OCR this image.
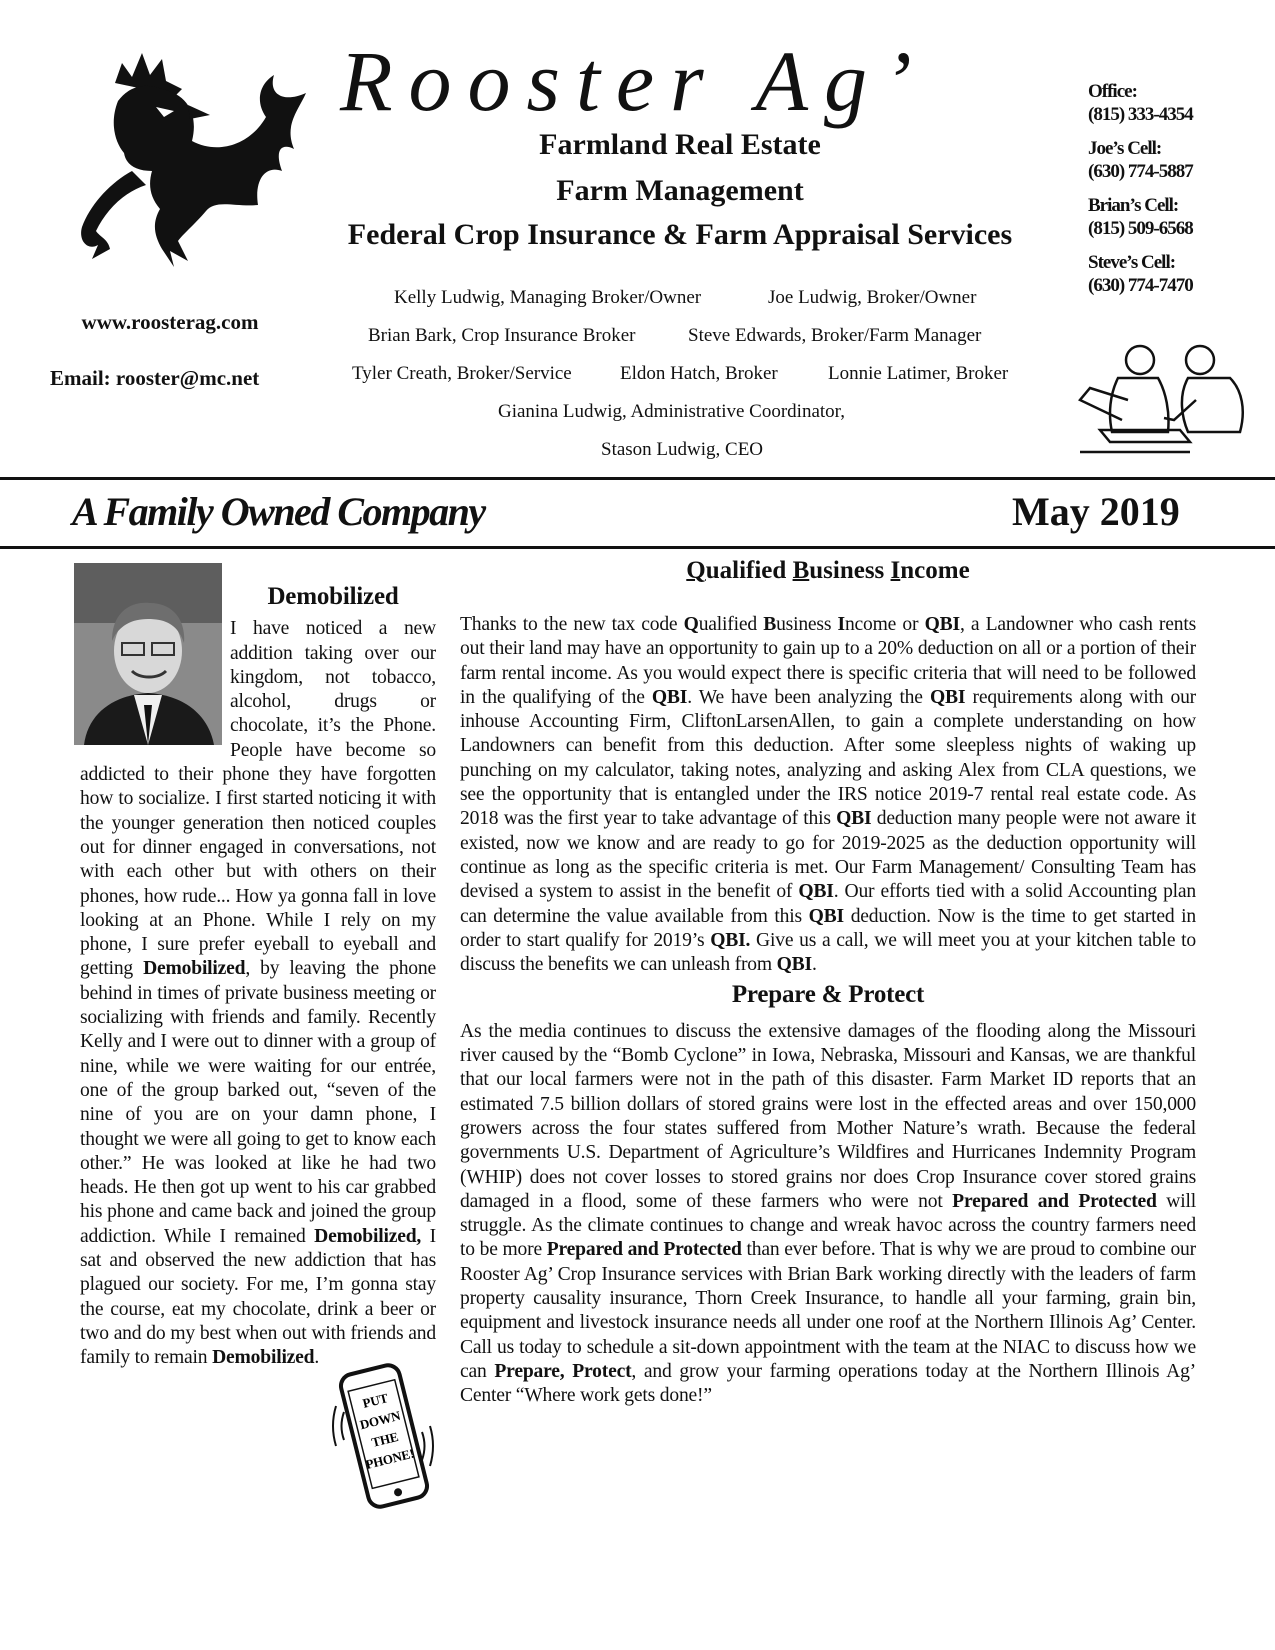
Rooster Ag’
Farmland Real Estate
Farm Management
Federal Crop Insurance & Farm Appraisal Services
Kelly Ludwig, Managing Broker/Owner	Joe Ludwig, Broker/Owner
Brian Bark, Crop Insurance Broker	Steve Edwards, Broker/Farm Manager
Tyler Creath, Broker/Service	Eldon Hatch, Broker	Lonnie Latimer, Broker
Gianina Ludwig, Administrative Coordinator,
Stason Ludwig, CEO
www.roosterag.com
Email: rooster@mc.net
Office:
(815) 333-4354
Joe’s Cell:
(630) 774-5887
Brian’s Cell:
(815) 509-6568
Steve’s Cell:
(630) 774-7470
A Family Owned Company	May 2019
Demobilized

I have noticed a new addition taking over our kingdom, not tobacco, alcohol, drugs or chocolate, it’s the Phone. People have become so addicted to their phone they have forgotten how to socialize. I first started noticing it with the younger generation then noticed couples out for dinner engaged in conversations, not with each other but with others on their phones, how rude... How ya gonna fall in love looking at an Phone. While I rely on my phone, I sure prefer eyeball to eyeball and getting Demobilized, by leaving the phone behind in times of private business meeting or socializing with friends and family. Recently Kelly and I were out to dinner with a group of nine, while we were waiting for our entrée, one of the group barked out, “seven of the nine of you are on your damn phone, I thought we were all going to get to know each other.” He was looked at like he had two heads. He then got up went to his car grabbed his phone and came back and joined the group addiction. While I remained Demobilized, I sat and observed the new addiction that has plagued our society. For me, I’m gonna stay the course, eat my chocolate, drink a beer or two and do my best when out with friends and family to remain
PUT
DOWN
THE
PHONE!
Demobilized.

Qualified Business Income

Thanks to the new tax code Qualified Business Income or QBI, a Landowner who cash rents out their land may have an opportunity to gain up to a 20% deduction on all or a portion of their farm rental income. As you would expect there is specific criteria that will need to be followed in the qualifying of the QBI. We have been analyzing the QBI requirements along with our inhouse Accounting Firm, CliftonLarsenAllen, to gain a complete understanding on how Landowners can benefit from this deduction. After some sleepless nights of waking up punching on my calculator, taking notes, analyzing and asking Alex from CLA questions, we see the opportunity that is entangled under the IRS notice 2019-7 rental real estate code. As 2018 was the first year to take advantage of this QBI deduction many people were not aware it existed, now we know and are ready to go for 2019-2025 as the deduction opportunity will continue as long as the specific criteria is met. Our Farm Management/ Consulting Team has devised a system to assist in the benefit of QBI. Our efforts tied with a solid Accounting plan can determine the value available from this QBI deduction. Now is the time to get started in order to start qualify for 2019’s QBI. Give us a call, we will meet you at your kitchen table to discuss the benefits we can unleash from QBI.

Prepare & Protect

As the media continues to discuss the extensive damages of the flooding along the Missouri river caused by the “Bomb Cyclone” in Iowa, Nebraska, Missouri and Kansas, we are thankful that our local farmers were not in the path of this disaster. Farm Market ID reports that an estimated 7.5 billion dollars of stored grains were lost in the effected areas and over 150,000 growers across the four states suffered from Mother Nature’s wrath. Because the federal governments U.S. Department of Agriculture’s Wildfires and Hurricanes Indemnity Program (WHIP) does not cover losses to stored grains nor does Crop Insurance cover stored grains damaged in a flood, some of these farmers who were not Prepared and Protected will struggle. As the climate continues to change and wreak havoc across the country farmers need to be more Prepared and Protected than ever before. That is why we are proud to combine our Rooster Ag’ Crop Insurance services with Brian Bark working directly with the leaders of farm property causality insurance, Thorn Creek Insurance, to handle all your farming, grain bin, equipment and livestock insurance needs all under one roof at the Northern Illinois Ag’ Center. Call us today to schedule a sit-down appointment with the team at the NIAC to discuss how we can Prepare, Protect, and grow your farming operations today at the Northern Illinois Ag’ Center “Where work gets done!”
